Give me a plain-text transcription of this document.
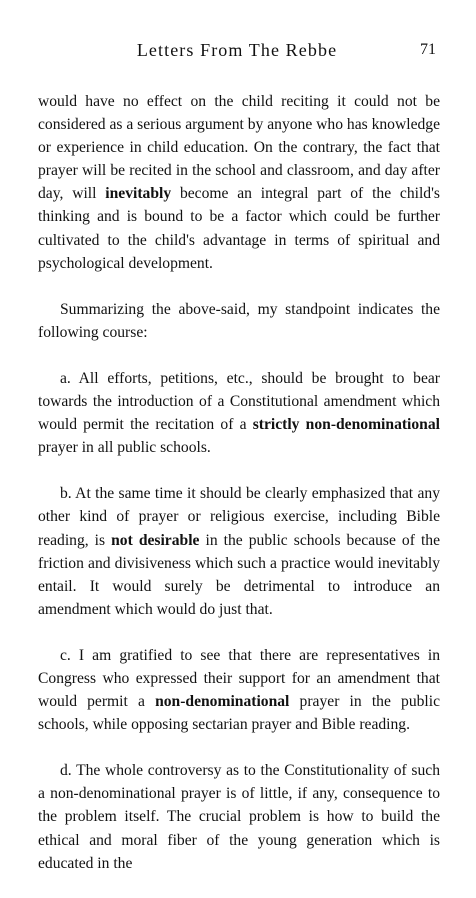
Letters From The Rebbe	71

would have no effect on the child reciting it could not be considered as a serious argument by anyone who has knowledge or experience in child education. On the contrary, the fact that prayer will be recited in the school and classroom, and day after day, will inevitably become an integral part of the child's thinking and is bound to be a factor which could be further cultivated to the child's advantage in terms of spiritual and psychological development.

Summarizing the above-said, my standpoint indicates the following course:

a. All efforts, petitions, etc., should be brought to bear towards the introduction of a Constitutional amendment which would permit the recitation of a strictly non-denominational prayer in all public schools.

b. At the same time it should be clearly emphasized that any other kind of prayer or religious exercise, including Bible reading, is not desirable in the public schools because of the friction and divisiveness which such a practice would inevitably entail. It would surely be detrimental to introduce an amendment which would do just that.

c. I am gratified to see that there are representatives in Congress who expressed their support for an amendment that would permit a non-denominational prayer in the public schools, while opposing sectarian prayer and Bible reading.

d. The whole controversy as to the Constitutionality of such a non-denominational prayer is of little, if any, consequence to the problem itself. The crucial problem is how to build the ethical and moral fiber of the young generation which is educated in the
